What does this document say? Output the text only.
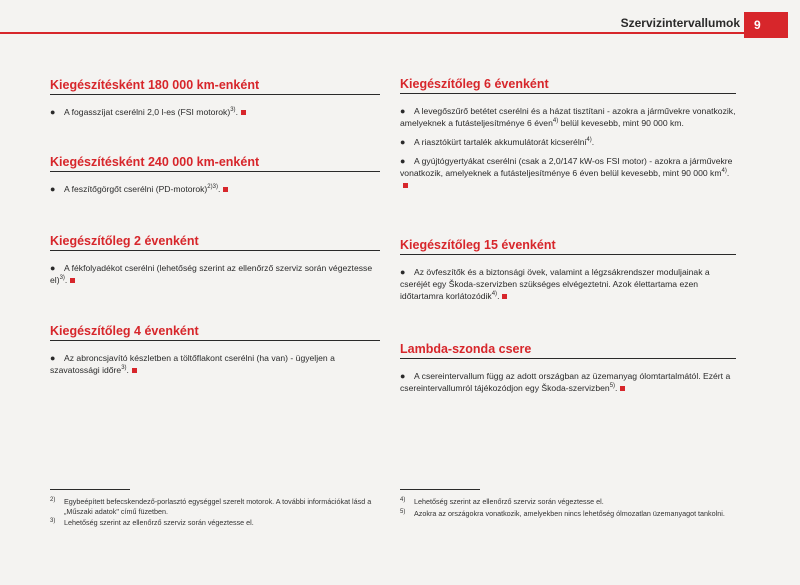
Szervizintervallumok	9
Kiegészítésként 180 000 km-enként
● A fogasszíjat cserélni 2,0 l-es (FSI motorok)$^{3)}$.
Kiegészítésként 240 000 km-enként
● A feszítőgörgőt cserélni (PD-motorok)$^{2)3)}$.
Kiegészítőleg 2 évenként
● A fékfolyadékot cserélni (lehetőség szerint az ellenőrző szerviz során végeztesse el)$^{3)}$.
Kiegészítőleg 4 évenként
● Az abroncsjavító készletben a töltőflakont cserélni (ha van) - ügyeljen a szavatossági időre$^{3)}$.
Kiegészítőleg 6 évenként
● A levegőszűrő betétet cserélni és a házat tisztítani - azokra a járművekre vonatkozik, amelyeknek a futásteljesítménye 6 éven$^{4)}$ belül kevesebb, mint 90 000 km.
● A riasztókürt tartalék akkumulátorát kicserélni$^{4)}$.
● A gyújtógyertyákat cserélni (csak a 2,0/147 kW-os FSI motor) - azokra a járművekre vonatkozik, amelyeknek a futásteljesítménye 6 éven belül kevesebb, mint 90 000 $km^{4)}$.
Kiegészítőleg 15 évenként
● Az övfeszítők és a biztonsági övek, valamint a légzsákrendszer moduljainak a cseréjét egy Škoda-szervizben szükséges elvégeztetni. Azok élettartama ezen időtartamra korlátozódik$^{4)}$.
Lambda-szonda csere
● A csereintervallum függ az adott országban az üzemanyag ólomtartalmától. Ezért a csereintervallumról tájékozódjon egy Škoda-szervizben$^{5)}$.
2) Egybeépített befecskendező-porlasztó egységgel szerelt motorok. A további információkat lásd a „Műszaki adatok" című füzetben.
3) Lehetőség szerint az ellenőrző szerviz során végeztesse el.
4) Lehetőség szerint az ellenőrző szerviz során végeztesse el.
5) Azokra az országokra vonatkozik, amelyekben nincs lehetőség ólmozatlan üzemanyagot tankolni.
